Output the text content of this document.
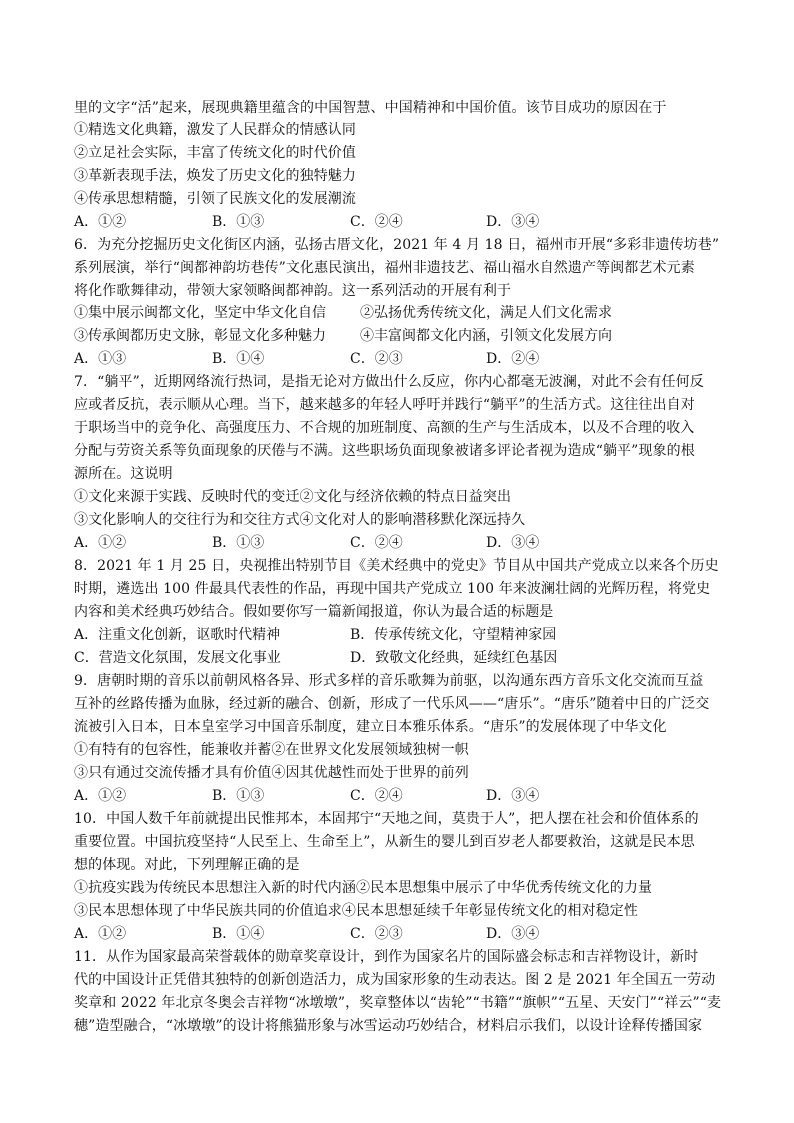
里的文字“活”起来，展现典籍里蕴含的中国智慧、中国精神和中国价值。该节目成功的原因在于
①精选文化典籍，激发了人民群众的情感认同
②立足社会实际，丰富了传统文化的时代价值
③革新表现手法，焕发了历史文化的独特魅力
④传承思想精髓，引领了民族文化的发展潮流
A．①②	B．①③	C．②④	D．③④
6．为充分挖掘历史文化街区内涵，弘扬古厝文化，2021 年 4 月 18 日，福州市开展“多彩非遗传坊巷”
系列展演，举行“闽都神韵坊巷传”文化惠民演出，福州非遗技艺、福山福水自然遗产等闽都艺术元素
将化作歌舞律动，带领大家领略闽都神韵。这一系列活动的开展有利于
①集中展示闽都文化，坚定中华文化自信 ②弘扬优秀传统文化，满足人们文化需求
③传承闽都历史文脉，彰显文化多种魅力 ④丰富闽都文化内涵，引领文化发展方向
A．①③	B．①④	C．②③	D．②④
7．“躺平”，近期网络流行热词，是指无论对方做出什么反应，你内心都毫无波澜，对此不会有任何反
应或者反抗，表示顺从心理。当下，越来越多的年轻人呼吁并践行“躺平”的生活方式。这往往出自对
于职场当中的竞争化、高强度压力、不合规的加班制度、高额的生产与生活成本，以及不合理的收入
分配与劳资关系等负面现象的厌倦与不满。这些职场负面现象被诸多评论者视为造成“躺平”现象的根
源所在。这说明
①文化来源于实践、反映时代的变迁②文化与经济依赖的特点日益突出
③文化影响人的交往行为和交往方式④文化对人的影响潜移默化深远持久
A．①②	B．①③	C．②④	D．③④
8．2021 年 1 月 25 日，央视推出特别节目《美术经典中的党史》节目从中国共产党成立以来各个历史
时期，遴选出 100 件最具代表性的作品，再现中国共产党成立 100 年来波澜壮阔的光辉历程，将党史
内容和美术经典巧妙结合。假如要你写一篇新闻报道，你认为最合适的标题是
A．注重文化创新，讴歌时代精神	B．传承传统文化，守望精神家园
C．营造文化氛围，发展文化事业	D．致敬文化经典，延续红色基因
9．唐朝时期的音乐以前朝风格各异、形式多样的音乐歌舞为前驱，以沟通东西方音乐文化交流而互益
互补的丝路传播为血脉，经过新的融合、创新，形成了一代乐风——“唐乐”。“唐乐”随着中日的广泛交
流被引入日本，日本皇室学习中国音乐制度，建立日本雅乐体系。“唐乐”的发展体现了中华文化
①有特有的包容性，能兼收并蓄②在世界文化发展领域独树一帜
③只有通过交流传播才具有价值④因其优越性而处于世界的前列
A．①②	B．①③	C．②④	D．③④
10．中国人数千年前就提出民惟邦本，本固邦宁“天地之间，莫贵于人”，把人摆在社会和价值体系的
重要位置。中国抗疫坚持“人民至上、生命至上”，从新生的婴儿到百岁老人都要救治，这就是民本思
想的体现。对此，下列理解正确的是
①抗疫实践为传统民本思想注入新的时代内涵②民本思想集中展示了中华优秀传统文化的力量
③民本思想体现了中华民族共同的价值追求④民本思想延续千年彰显传统文化的相对稳定性
A．①②	B．①④	C．②③	D．③④
11．从作为国家最高荣誉载体的勋章奖章设计，到作为国家名片的国际盛会标志和吉祥物设计，新时
代的中国设计正凭借其独特的创新创造活力，成为国家形象的生动表达。图 2 是 2021 年全国五一劳动
奖章和 2022 年北京冬奥会吉祥物“冰墩墩”，奖章整体以“齿轮”“书籍”“旗帜”“五星、天安门”“祥云”“麦
穗”造型融合，“冰墩墩”的设计将熊猫形象与冰雪运动巧妙结合，材料启示我们，以设计诠释传播国家
